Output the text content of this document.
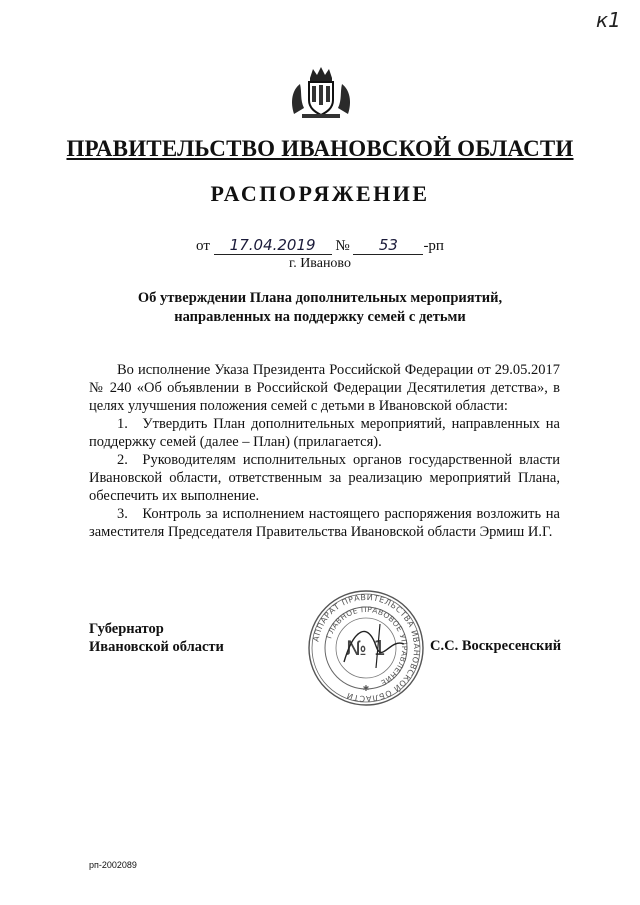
к1
ПРАВИТЕЛЬСТВО ИВАНОВСКОЙ ОБЛАСТИ
РАСПОРЯЖЕНИЕ
от 17.04.2019 № 53 -рп
г. Иваново
Об утверждении Плана дополнительных мероприятий,
направленных на поддержку семей с детьми

Во исполнение Указа Президента Российской Федерации от 29.05.2017 № 240 «Об объявлении в Российской Федерации Десятилетия детства», в целях улучшения положения семей с детьми в Ивановской области:

1. Утвердить План дополнительных мероприятий, направленных на поддержку семей (далее – План) (прилагается).

2. Руководителям исполнительных органов государственной власти Ивановской области, ответственным за реализацию мероприятий Плана, обеспечить их выполнение.

3. Контроль за исполнением настоящего распоряжения возложить на заместителя Председателя Правительства Ивановской области Эрмиш И.Г.

Губернатор
Ивановской области
АППАРАТ ПРАВИТЕЛЬСТВА ИВАНОВСКОЙ ОБЛАСТИ
ГЛАВНОЕ ПРАВОВОЕ УПРАВЛЕНИЕ
№ 1
✱
С.С. Воскресенский
рп-2002089
